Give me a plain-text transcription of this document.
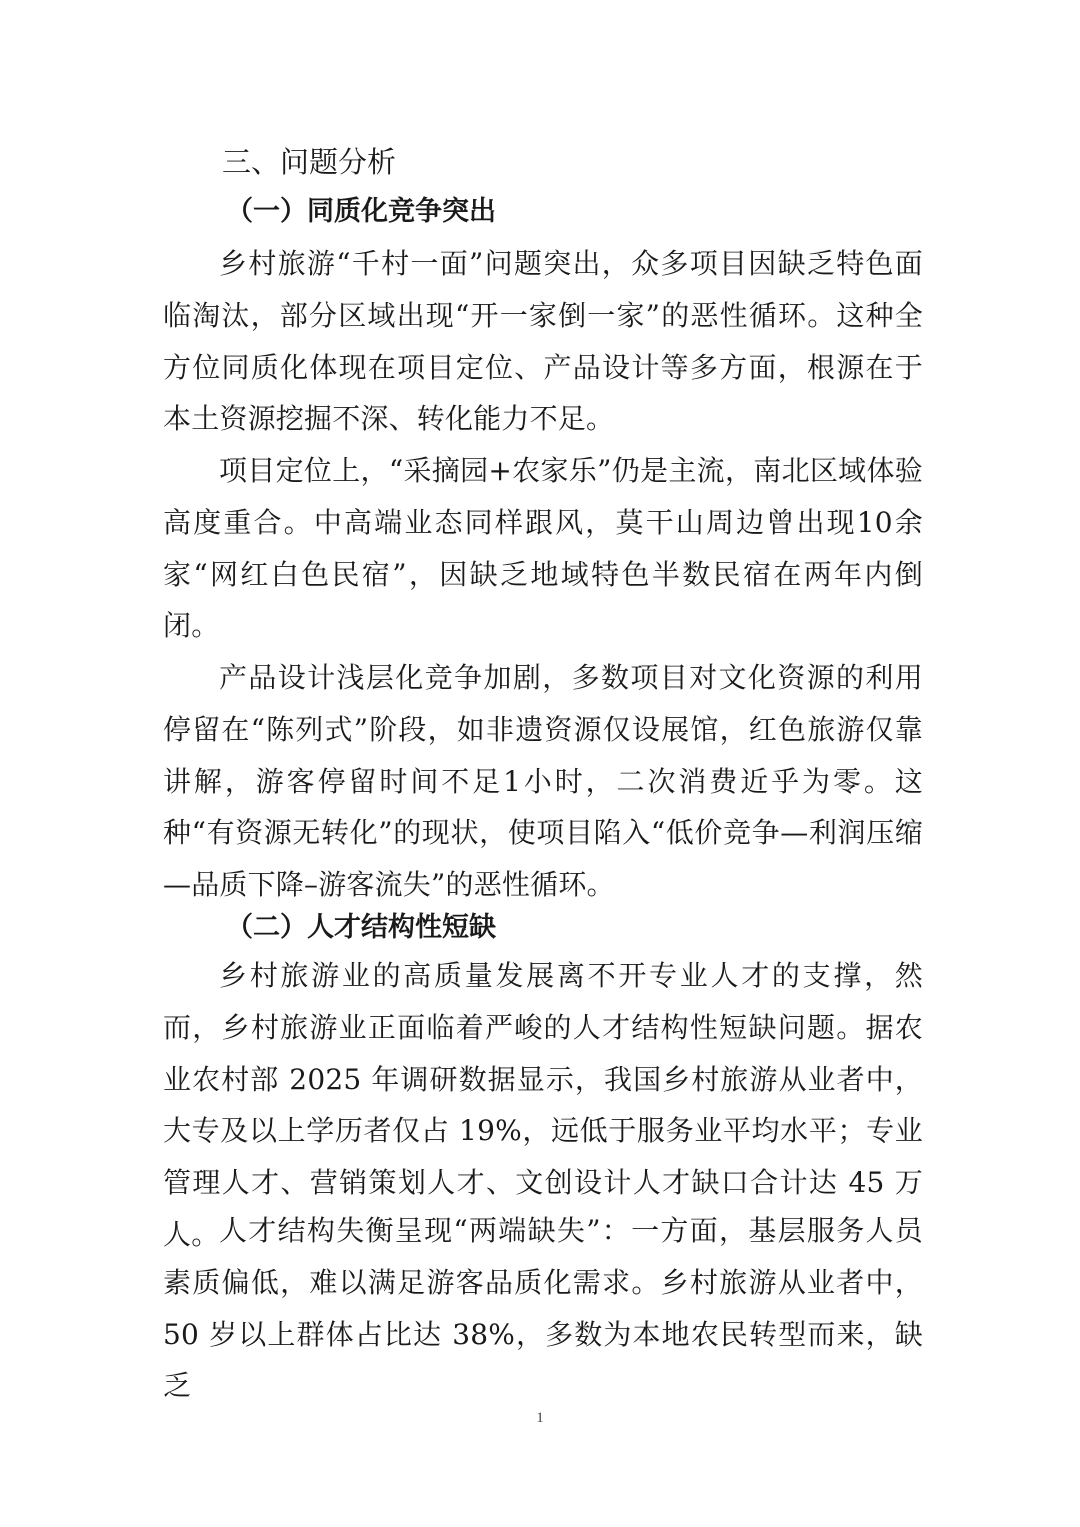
三、问题分析
（一）同质化竞争突出

乡村旅游“千村一面”问题突出，众多项目因缺乏特色面临淘汰，部分区域出现“开一家倒一家”的恶性循环。这种全方位同质化体现在项目定位、产品设计等多方面，根源在于本土资源挖掘不深、转化能力不足。

项目定位上，“采摘园+农家乐”仍是主流，南北区域体验高度重合。中高端业态同样跟风，莫干山周边曾出现10余家“网红白色民宿”，因缺乏地域特色半数民宿在两年内倒闭。

产品设计浅层化竞争加剧，多数项目对文化资源的利用停留在“陈列式”阶段，如非遗资源仅设展馆，红色旅游仅靠讲解，游客停留时间不足1小时，二次消费近乎为零。这种“有资源无转化”的现状，使项目陷入“低价竞争—利润压缩—品质下降–游客流失”的恶性循环。

（二）人才结构性短缺

乡村旅游业的高质量发展离不开专业人才的支撑，然而，乡村旅游业正面临着严峻的人才结构性短缺问题。据农业农村部 2025 年调研数据显示，我国乡村旅游从业者中，大专及以上学历者仅占 19%，远低于服务业平均水平；专业管理人才、营销策划人才、文创设计人才缺口合计达 45 万人。 人才结构失衡呈现“两端缺失”：一方面，基层服务人员素质偏低，难以满足游客品质化需求。乡村旅游从业者中，50 岁以上群体占比达 38%，多数为本地农民转型而来，缺乏

1
